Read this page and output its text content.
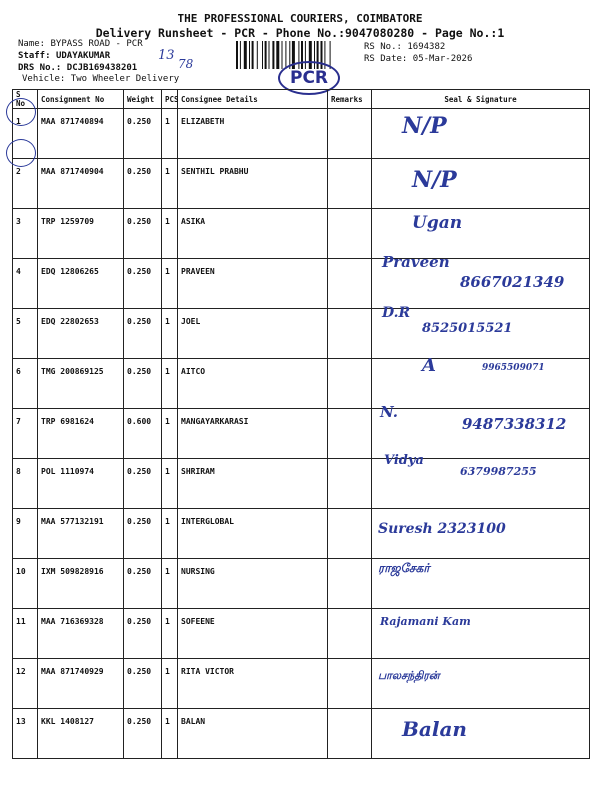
THE PROFESSIONAL COURIERS, COIMBATORE
Delivery Runsheet - PCR - Phone No.:9047080280 - Page No.:1
Name: BYPASS ROAD - PCR
Staff: UDAYAKUMAR
DRS No.: DCJB169438201
Vehicle: Two Wheeler Delivery
RS No.: 1694382
RS Date: 05-Mar-2026
PCR
13
78
S No	Consignment No	Weight	PCS	Consignee Details	Remarks	Seal & Signature
1	MAA 871740894	0.250	1	ELIZABETH		N/P

2	MAA 871740904	0.250	1	SENTHIL PRABHU		N/P

3	TRP 1259709	0.250	1	ASIKA		Ugan

4	EDQ 12806265	0.250	1	PRAVEEN		Praveen
8667021349

5	EDQ 22802653	0.250	1	JOEL		D.R
8525015521

6	TMG 200869125	0.250	1	AITCO		A 9965509071

7	TRP 6981624	0.600	1	MANGAYARKARASI		N.
9487338312

8	POL 1110974	0.250	1	SHRIRAM		Vidya
6379987255

9	MAA 577132191	0.250	1	INTERGLOBAL		Suresh 2323100

10	IXM 509828916	0.250	1	NURSING		ராஜசேகர்

11	MAA 716369328	0.250	1	SOFEENE		Rajamani Kam

12	MAA 871740929	0.250	1	RITA VICTOR		பாலசந்திரன்

13	KKL 1408127	0.250	1	BALAN		Balan
